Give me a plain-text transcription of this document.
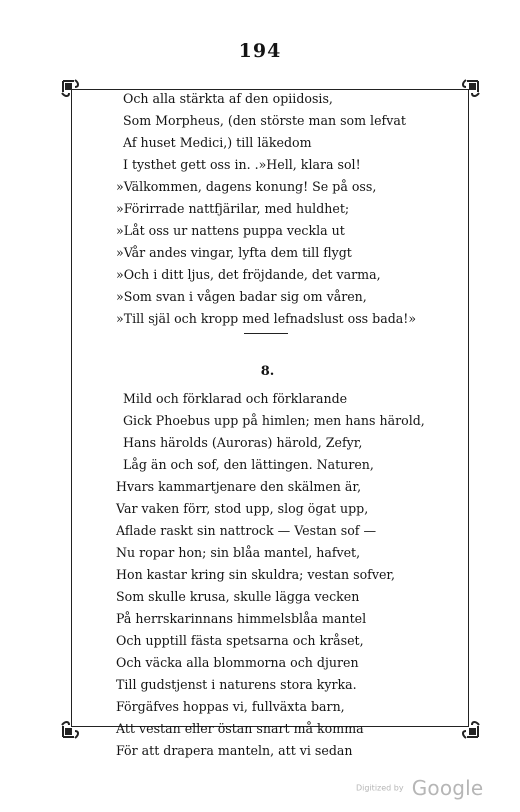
194
Och alla stärkta af den opiidosis,
Som Morpheus, (den störste man som lefvat
Af huset Medici,) till läkedom
I tysthet gett oss in. .»Hell, klara sol!
»Välkommen, dagens konung! Se på oss,
»Förirrade nattfjärilar, med huldhet;
»Låt oss ur nattens puppa veckla ut
»Vår andes vingar, lyfta dem till flygt
»Och i ditt ljus, det fröjdande, det varma,
»Som svan i vågen badar sig om våren,
»Till själ och kropp med lefnadslust oss bada!»
8.
Mild och förklarad och förklarande
Gick Phoebus upp på himlen; men hans härold,
Hans härolds (Auroras) härold, Zefyr,
Låg än och sof, den lättingen. Naturen,
Hvars kammartjenare den skälmen är,
Var vaken förr, stod upp, slog ögat upp,
Aflade raskt sin nattrock — Vestan sof —
Nu ropar hon; sin blåa mantel, hafvet,
Hon kastar kring sin skuldra; vestan sofver,
Som skulle krusa, skulle lägga vecken
På herrskarinnans himmelsblåa mantel
Och upptill fästa spetsarna och kråset,
Och väcka alla blommorna och djuren
Till gudstjenst i naturens stora kyrka.
Förgäfves hoppas vi, fullväxta barn,
Att vestan eller östan snart må komma
För att drapera manteln, att vi sedan
Digitized by Google
